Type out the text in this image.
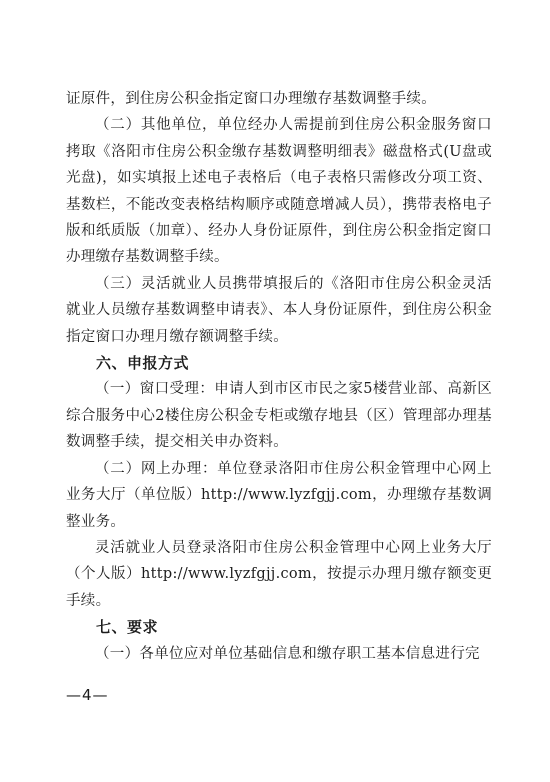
证原件，到住房公积金指定窗口办理缴存基数调整手续。

（二）其他单位，单位经办人需提前到住房公积金服务窗口拷取《洛阳市住房公积金缴存基数调整明细表》磁盘格式(U盘或光盘)，如实填报上述电子表格后（电子表格只需修改分项工资、基数栏，不能改变表格结构顺序或随意增减人员），携带表格电子版和纸质版（加章）、经办人身份证原件，到住房公积金指定窗口办理缴存基数调整手续。

（三）灵活就业人员携带填报后的《洛阳市住房公积金灵活就业人员缴存基数调整申请表》、本人身份证原件，到住房公积金指定窗口办理月缴存额调整手续。

六、申报方式

（一）窗口受理：申请人到市区市民之家5楼营业部、高新区综合服务中心2楼住房公积金专柜或缴存地县（区）管理部办理基数调整手续，提交相关申办资料。

（二）网上办理：单位登录洛阳市住房公积金管理中心网上业务大厅（单位版）http://www.lyzfgjj.com，办理缴存基数调整业务。

灵活就业人员登录洛阳市住房公积金管理中心网上业务大厅（个人版）http://www.lyzfgjj.com，按提示办理月缴存额变更手续。

七、要求

（一）各单位应对单位基础信息和缴存职工基本信息进行完

—4—
